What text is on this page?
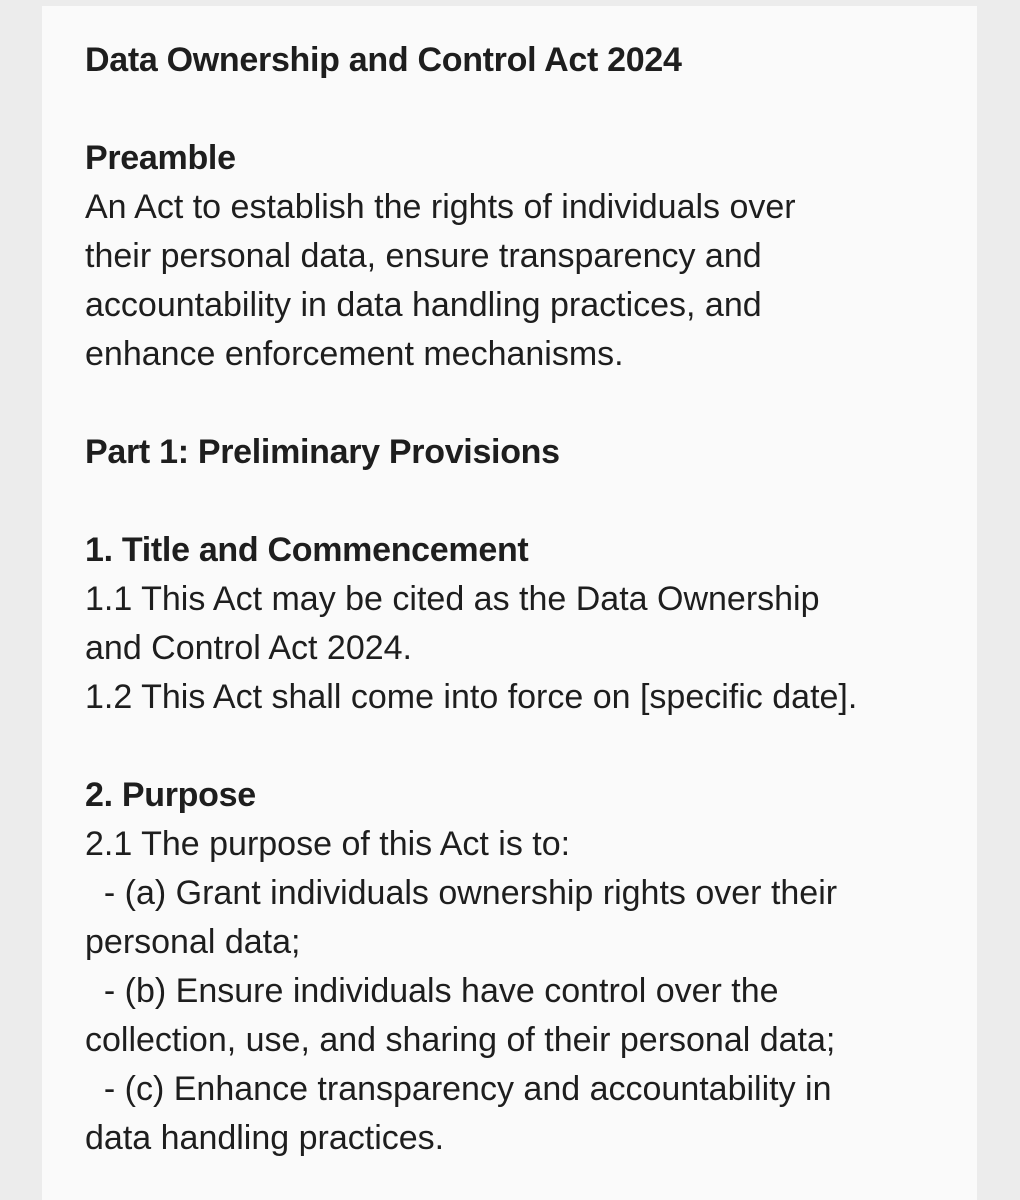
Data Ownership and Control Act 2024
Preamble
An Act to establish the rights of individuals over
their personal data, ensure transparency and
accountability in data handling practices, and
enhance enforcement mechanisms.
Part 1: Preliminary Provisions
1. Title and Commencement
1.1 This Act may be cited as the Data Ownership
and Control Act 2024.
1.2 This Act shall come into force on [specific date].
2. Purpose
2.1 The purpose of this Act is to:
- (a) Grant individuals ownership rights over their
personal data;
- (b) Ensure individuals have control over the
collection, use, and sharing of their personal data;
- (c) Enhance transparency and accountability in
data handling practices.
